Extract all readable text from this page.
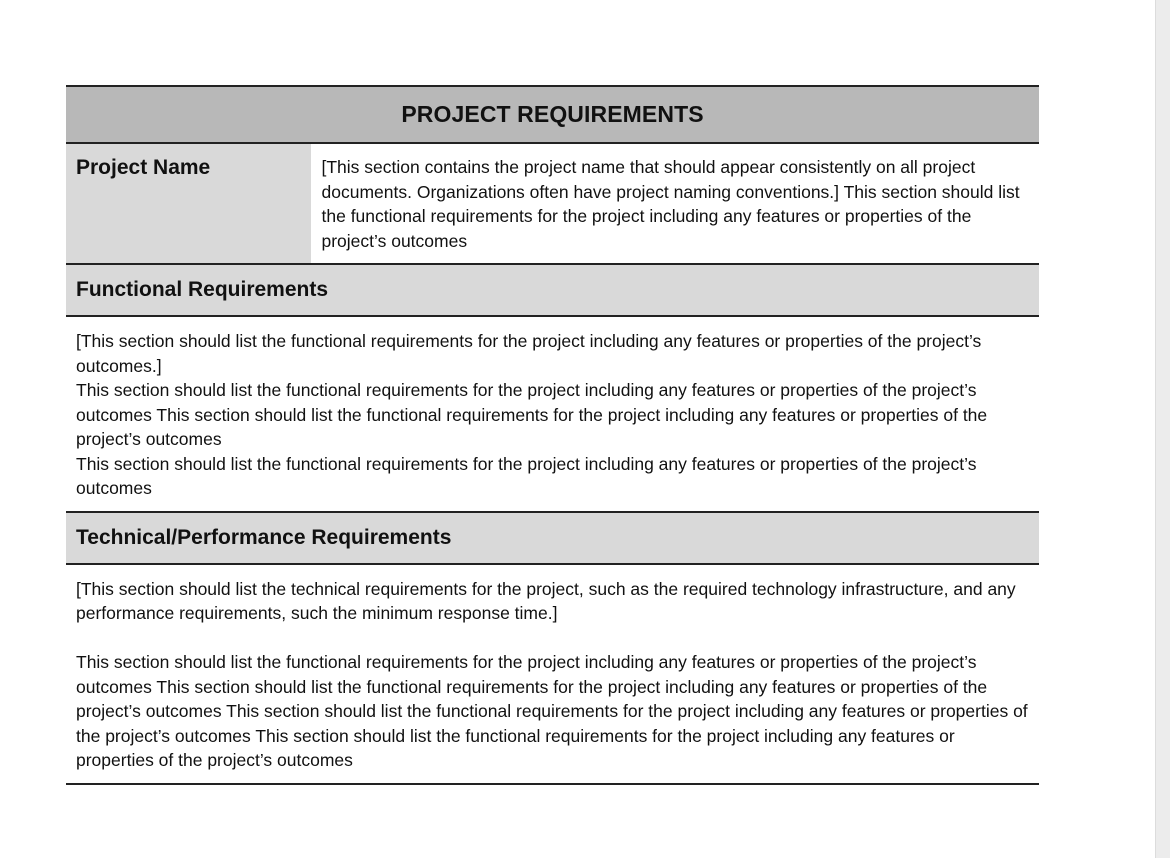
PROJECT REQUIREMENTS
Project Name	[This section contains the project name that should appear consistently on all project documents. Organizations often have project naming conventions.] This section should list the functional requirements for the project including any features or properties of the project’s outcomes
Functional Requirements

[This section should list the functional requirements for the project including any features or properties of the project’s outcomes.]

This section should list the functional requirements for the project including any features or properties of the project’s outcomes This section should list the functional requirements for the project including any features or properties of the project’s outcomes

This section should list the functional requirements for the project including any features or properties of the project’s outcomes

Technical/Performance Requirements

[This section should list the technical requirements for the project, such as the required technology infrastructure, and any performance requirements, such the minimum response time.]

This section should list the functional requirements for the project including any features or properties of the project’s outcomes This section should list the functional requirements for the project including any features or properties of the project’s outcomes This section should list the functional requirements for the project including any features or properties of the project’s outcomes This section should list the functional requirements for the project including any features or properties of the project’s outcomes
